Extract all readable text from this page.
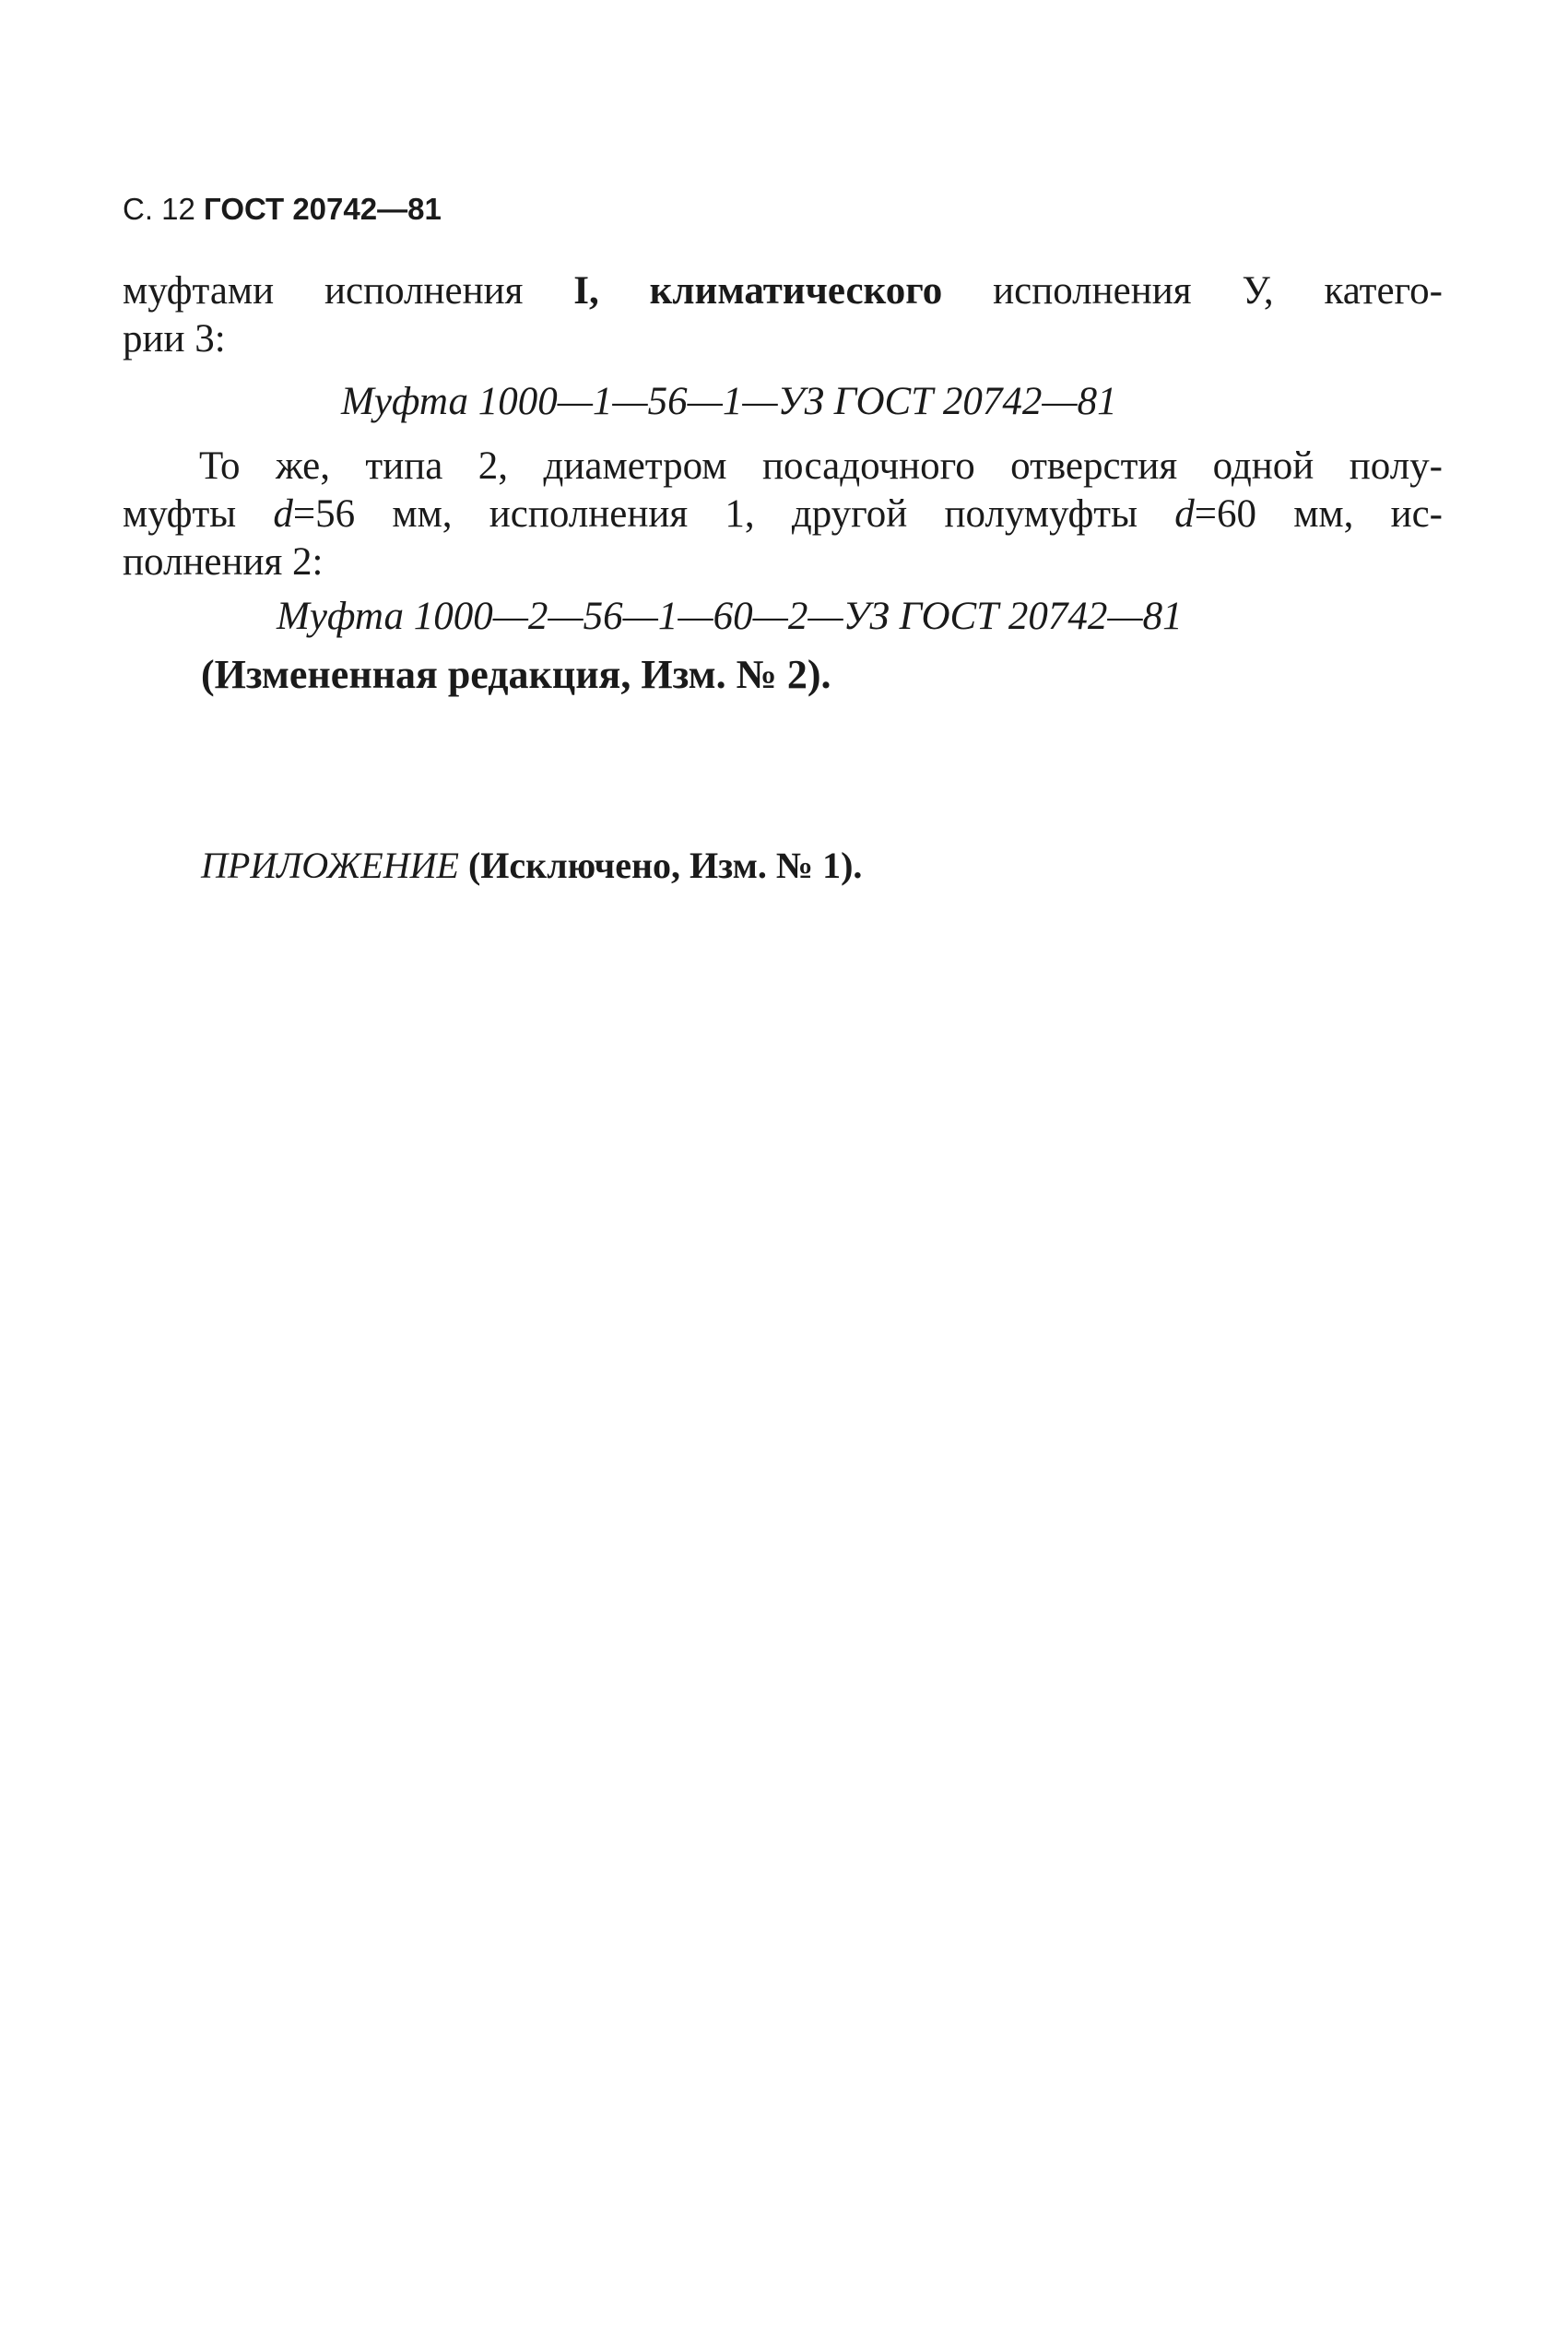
С. 12 ГОСТ 20742—81
муфтами исполнения I, климатического исполнения У, катего-
рии 3:
Муфта 1000—1—56—1—УЗ ГОСТ 20742—81
То же, типа 2, диаметром посадочного отверстия одной полу-
муфты d=56 мм, исполнения 1, другой полумуфты d=60 мм, ис-
полнения 2:
Муфта 1000—2—56—1—60—2—УЗ ГОСТ 20742—81
(Измененная редакция, Изм. № 2).
ПРИЛОЖЕНИЕ (Исключено, Изм. № 1).
